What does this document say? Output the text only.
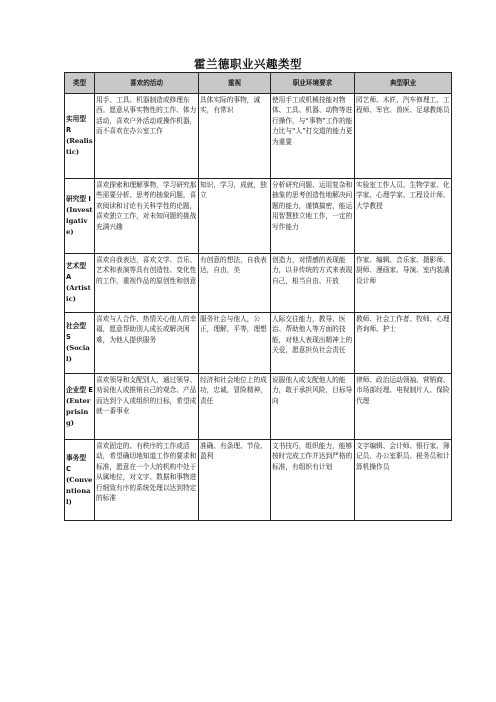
霍兰德职业兴趣类型
类型	喜欢的活动	重视	职业环境要求	典型职业

实用型 R
(Realistic)	用手、工具、机器制造或修理东西。愿意从事实物性的工作、体力活动，喜欢户外活动或操作机器，而不喜欢在办公室工作	具体实际的事物，诚实，有常识	使用手工或机械技能对物体、工具、机器、动物等进行操作，与“事物”工作的能力比与“人”打交道的能力更为重要	园艺师、木匠、汽车修理工、工程师、军官、兽医、足球教练员

研究型 I
(Investigative)	喜欢探索和理解事物，学习研究那些需要分析、思考的抽象问题，喜欢阅读和讨论有关科学性的论题，喜欢独立工作，对未知问题的挑战充满兴趣	知识，学习，成就，独立	分析研究问题、运用复杂和抽象的思考创造性地解决问题的能力，谨慎搞密，能运用智慧独立地工作，一定的写作能力	实验室工作人员、生物学家、化学家、心理学家、工程设计师、大学教授

艺术型 A
(Artistic)	喜欢自我表达，喜欢文学、音乐、艺术和表演等具有创造性、变化性的工作，重视作品的原创性和创意	有创意的想法，自我表达，自由，美	创造力，对情感的表现能力，以非传统的方式来表现自己，相当自由、开放	作家、编辑、音乐家、摄影师、厨师、漫画家、导演、室内装潢设计师

社会型 S
(Social)	喜欢与人合作，热情关心他人的幸福，愿意帮助别人成长或解决困难，为他人提供服务	服务社会与他人，公正，理解，平等，理想	人际交往能力，教导、医治、帮助他人等方面的技能，对他人表现出精神上的关爱，愿意担负社会责任	教师、社会工作者、牧师、心理咨询师、护士

企业型 E
(Enterprising)	喜欢领导和支配别人，通过领导、劝说他人或推销自己的观念、产品而达到个人或组织的目标，希望成就一番事业	经济和社会地位上的成功，忠诚，冒险精神，责任	说服他人或支配他人的能力，敢于承担风险，目标导向	律师、政治运动领袖、营销商、市场部经理、电视制片人、保险代理

事务型 C
(Conventional)	喜欢固定的、有秩序的工作或活动，希望确切地知道工作的要求和标准，愿意在一个大的机构中处于从属地位，对文字、数据和事物进行细致有序的系统处理以达到特定的标准	准确、有条理、节俭、盈利	文书技巧，组织能力，能够按时完成工作并达到严格的标准，有组织有计划	文字编辑、会计师、银行家、簿记员、办公室职员、税务员和计算机操作员
